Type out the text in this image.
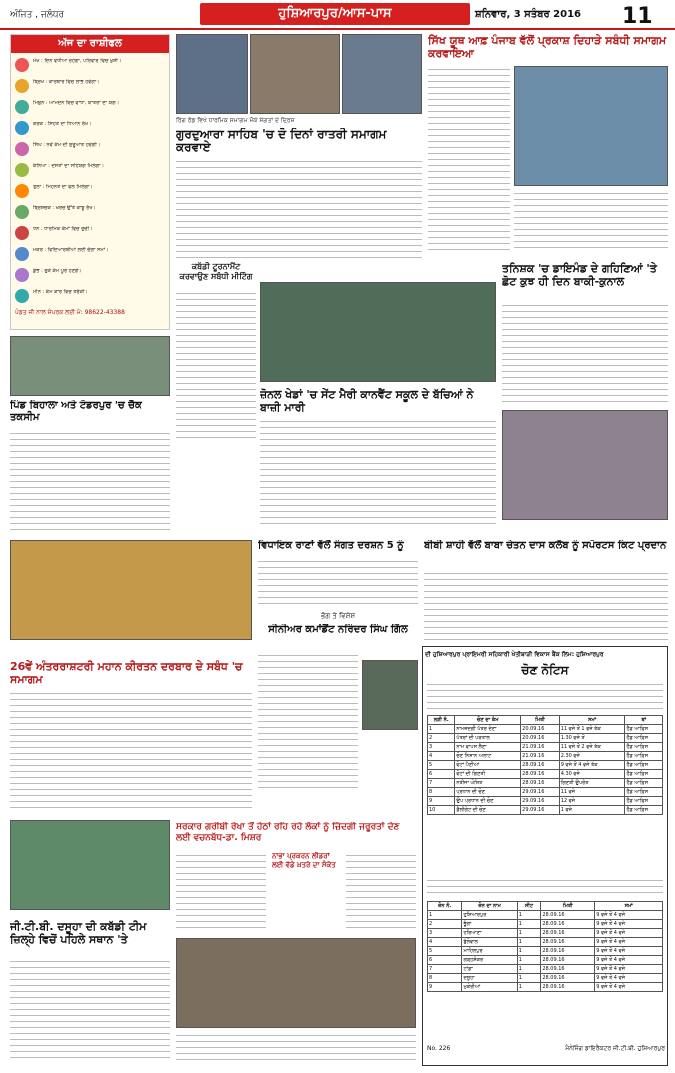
ਅੰਜਿਤ , ਜਲੰਧਰ	ਹੁਸ਼ਿਆਰਪੁਰ/ਆਸ-ਪਾਸ	ਸ਼ਨਿਵਾਰ, 3 ਸਤੰਬਰ 2016 11
ਅੱਜ ਦਾ ਰਾਸ਼ੀਫਲ
ਮੇਖ : ਦਿਨ ਵਧੀਆ ਰਹੇਗਾ, ਪਰਿਵਾਰ ਵਿਚ ਖੁਸ਼ੀ।
ਬ੍ਰਿਖ : ਕਾਰੋਬਾਰ ਵਿਚ ਲਾਭ ਹੋਵੇਗਾ।
ਮਿਥੁਨ : ਆਮਦਨ ਵਿਚ ਵਾਧਾ, ਯਾਤਰਾ ਦਾ ਯੋਗ।
ਕਰਕ : ਸਿਹਤ ਦਾ ਧਿਆਨ ਰੱਖੋ।
ਸਿੰਘ : ਨਵੇਂ ਕੰਮ ਦੀ ਸ਼ੁਰੂਆਤ ਹੋਵੇਗੀ।
ਕੰਨਿਆ : ਦੋਸਤਾਂ ਦਾ ਸਹਿਯੋਗ ਮਿਲੇਗਾ।
ਤੁਲਾ : ਮਿਹਨਤ ਦਾ ਫਲ ਮਿਲੇਗਾ।
ਬ੍ਰਿਸ਼ਚਕ : ਖ਼ਰਚ ਉੱਤੇ ਕਾਬੂ ਰੱਖੋ।
ਧਨ : ਧਾਰਮਿਕ ਕੰਮਾਂ ਵਿਚ ਰੁਚੀ।
ਮਕਰ : ਵਿਦਿਆਰਥੀਆਂ ਲਈ ਚੰਗਾ ਸਮਾਂ।
ਕੁੰਭ : ਰੁਕੇ ਕੰਮ ਪੂਰੇ ਹੋਣਗੇ।
ਮੀਨ : ਕੰਮ ਕਾਰ ਵਿਚ ਤਰੱਕੀ।
ਪੰਡਤ ਜੀ ਨਾਲ ਸੰਪਰਕ ਲਈ ਮੋ: 98622-43388
ਰਿੰਗ ਰੋਡ ਵਿਖੇ ਧਾਰਮਿਕ ਸਮਾਗਮ ਮੌਕੇ ਸੰਗਤਾਂ ਦੇ ਦ੍ਰਿਸ਼
ਗੁਰਦੁਆਰਾ ਸਾਹਿਬ 'ਚ ਦੋ ਦਿਨਾਂ ਰਾਤਰੀ ਸਮਾਗਮ ਕਰਵਾਏ
ਸਿੱਖ ਯੂਥ ਆਫ਼ ਪੰਜਾਬ ਵੱਲੋਂ ਪ੍ਰਕਾਸ਼ ਦਿਹਾੜੇ ਸਬੰਧੀ ਸਮਾਗਮ ਕਰਵਾਇਆ
ਪਿੰਡ ਬਿਹਾਲਾ ਅਤੇ ਟੋਡਰਪੁਰ 'ਚ ਚੈੱਕ ਤਕਸੀਮ
ਕਬੱਡੀ ਟੂਰਨਾਮੈਂਟ ਕਰਵਾਉਣ ਸਬੰਧੀ ਮੀਟਿੰਗ
ਜ਼ੋਨਲ ਖੇਡਾਂ 'ਚ ਸੇਂਟ ਮੈਰੀ ਕਾਨਵੈਂਟ ਸਕੂਲ ਦੇ ਬੱਚਿਆਂ ਨੇ ਬਾਜ਼ੀ ਮਾਰੀ
ਤਨਿਸ਼ਕ 'ਚ ਡਾਇਮੰਡ ਦੇ ਗਹਿਣਿਆਂ 'ਤੇ ਛੋਟ ਕੁਝ ਹੀ ਦਿਨ ਬਾਕੀ-ਕੁਨਾਲ
26ਵੇਂ ਅੰਤਰਰਾਸ਼ਟਰੀ ਮਹਾਨ ਕੀਰਤਨ ਦਰਬਾਰ ਦੇ ਸਬੰਧ 'ਚ ਸਮਾਗਮ
ਵਿਧਾਇਕ ਰਾਣਾਂ ਵੱਲੋਂ ਸੰਗਤ ਦਰਸ਼ਨ 5 ਨੂੰ
ਭੋਗ ਤੇ ਵਿਸ਼ੇਸ਼
ਸੀਨੀਅਰ ਕਮਾਂਡੈਂਟ ਨਰਿੰਦਰ ਸਿੰਘ ਗਿੱਲ
ਬੀਬੀ ਸ਼ਾਹੀ ਵੱਲੋਂ ਬਾਬਾ ਚੇਤਨ ਦਾਸ ਕਲੱਬ ਨੂੰ ਸਪੋਰਟਸ ਕਿਟ ਪ੍ਰਦਾਨ
ਜੀ.ਟੀ.ਬੀ. ਦਸੂਹਾ ਦੀ ਕਬੱਡੀ ਟੀਮ ਜ਼ਿਲ੍ਹੇ ਵਿਚੋਂ ਪਹਿਲੇ ਸਥਾਨ 'ਤੇ
ਸਰਕਾਰ ਗਰੀਬੀ ਰੇਖਾ ਤੋਂ ਹੇਠਾਂ ਰਹਿ ਰਹੇ ਲੋਕਾਂ ਨੂੰ ਜ਼ਿੰਦਗੀ ਜਰੂਰਤਾਂ ਦੇਣ ਲਈ ਵਚਨਬੱਧ-ਡਾ. ਮਿਸ਼ਰ
ਨਾਭਾ ਪ੍ਰਕਰਨ ਲੀਡਰਾਂ ਲਈ ਵੱਡੇ ਖ਼ਤਰੇ ਦਾ ਸੰਕੇਤ
ਦੀ ਹੁਸ਼ਿਆਰਪੁਰ ਪ੍ਰਾਇਮਰੀ ਸਹਿਕਾਰੀ ਖੇਤੀਬਾੜੀ ਵਿਕਾਸ ਬੈਂਕ ਲਿਮ: ਹੁਸ਼ਿਆਰਪੁਰ
ਚੋਣ ਨੋਟਿਸ
ਲੜੀ ਨੰ.	ਚੋਣ ਦਾ ਕੰਮ	ਮਿਤੀ	ਸਮਾਂ	ਥਾਂ
1	ਨਾਮਜ਼ਦਗੀ ਪੱਤਰ ਦੇਣਾ	20.09.16	11 ਵਜੇ ਤੋਂ 1 ਵਜੇ ਤੱਕ	ਹੈੱਡ ਆਫ਼ਿਸ
2	ਪੱਤਰਾਂ ਦੀ ਪੜਤਾਲ	20.09.16	1.30 ਵਜੇ ਤੋਂ	ਹੈੱਡ ਆਫ਼ਿਸ
3	ਨਾਮ ਵਾਪਸ ਲੈਣਾ	21.09.16	11 ਵਜੇ ਤੋਂ 2 ਵਜੇ ਤੱਕ	ਹੈੱਡ ਆਫ਼ਿਸ
4	ਚੋਣ ਨਿਸ਼ਾਨ ਅਲਾਟ	21.09.16	2.30 ਵਜੇ	ਹੈੱਡ ਆਫ਼ਿਸ
5	ਵੋਟਾਂ ਪੈਣੀਆਂ	28.09.16	9 ਵਜੇ ਤੋਂ 4 ਵਜੇ ਤੱਕ	ਹੈੱਡ ਆਫ਼ਿਸ
6	ਵੋਟਾਂ ਦੀ ਗਿਣਤੀ	28.09.16	4.30 ਵਜੇ	ਹੈੱਡ ਆਫ਼ਿਸ
7	ਨਤੀਜਾ ਘੋਸ਼ਿਤ	28.09.16	ਗਿਣਤੀ ਉਪਰੰਤ	ਹੈੱਡ ਆਫ਼ਿਸ
8	ਪ੍ਰਧਾਨ ਦੀ ਚੋਣ	29.09.16	11 ਵਜੇ	ਹੈੱਡ ਆਫ਼ਿਸ
9	ਉਪ ਪ੍ਰਧਾਨ ਦੀ ਚੋਣ	29.09.16	12 ਵਜੇ	ਹੈੱਡ ਆਫ਼ਿਸ
10	ਡੈਲੀਗੇਟ ਦੀ ਚੋਣ	29.09.16	1 ਵਜੇ	ਹੈੱਡ ਆਫ਼ਿਸ
ਜ਼ੋਨ ਨੰ.	ਜ਼ੋਨ ਦਾ ਨਾਮ	ਸੀਟ	ਮਿਤੀ	ਸਮਾਂ
1	ਹੁਸ਼ਿਆਰਪੁਰ	1	28.09.16	9 ਵਜੇ ਤੋਂ 4 ਵਜੇ
2	ਭੂੰਗਾ	1	28.09.16	9 ਵਜੇ ਤੋਂ 4 ਵਜੇ
3	ਹਰਿਆਣਾ	1	28.09.16	9 ਵਜੇ ਤੋਂ 4 ਵਜੇ
4	ਬੁੱਲੋਵਾਲ	1	28.09.16	9 ਵਜੇ ਤੋਂ 4 ਵਜੇ
5	ਮਾਹਿਲਪੁਰ	1	28.09.16	9 ਵਜੇ ਤੋਂ 4 ਵਜੇ
6	ਗੜ੍ਹਸ਼ੰਕਰ	1	28.09.16	9 ਵਜੇ ਤੋਂ 4 ਵਜੇ
7	ਟਾਂਡਾ	1	28.09.16	9 ਵਜੇ ਤੋਂ 4 ਵਜੇ
8	ਦਸੂਹਾ	1	28.09.16	9 ਵਜੇ ਤੋਂ 4 ਵਜੇ
9	ਮੁਕੇਰੀਆਂ	1	28.09.16	9 ਵਜੇ ਤੋਂ 4 ਵਜੇ
No. 226	ਮੈਨੇਜਿੰਗ ਡਾਇਰੈਕਟਰ ਜੀ.ਟੀ.ਬੀ. ਹੁਸ਼ਿਆਰਪੁਰ
